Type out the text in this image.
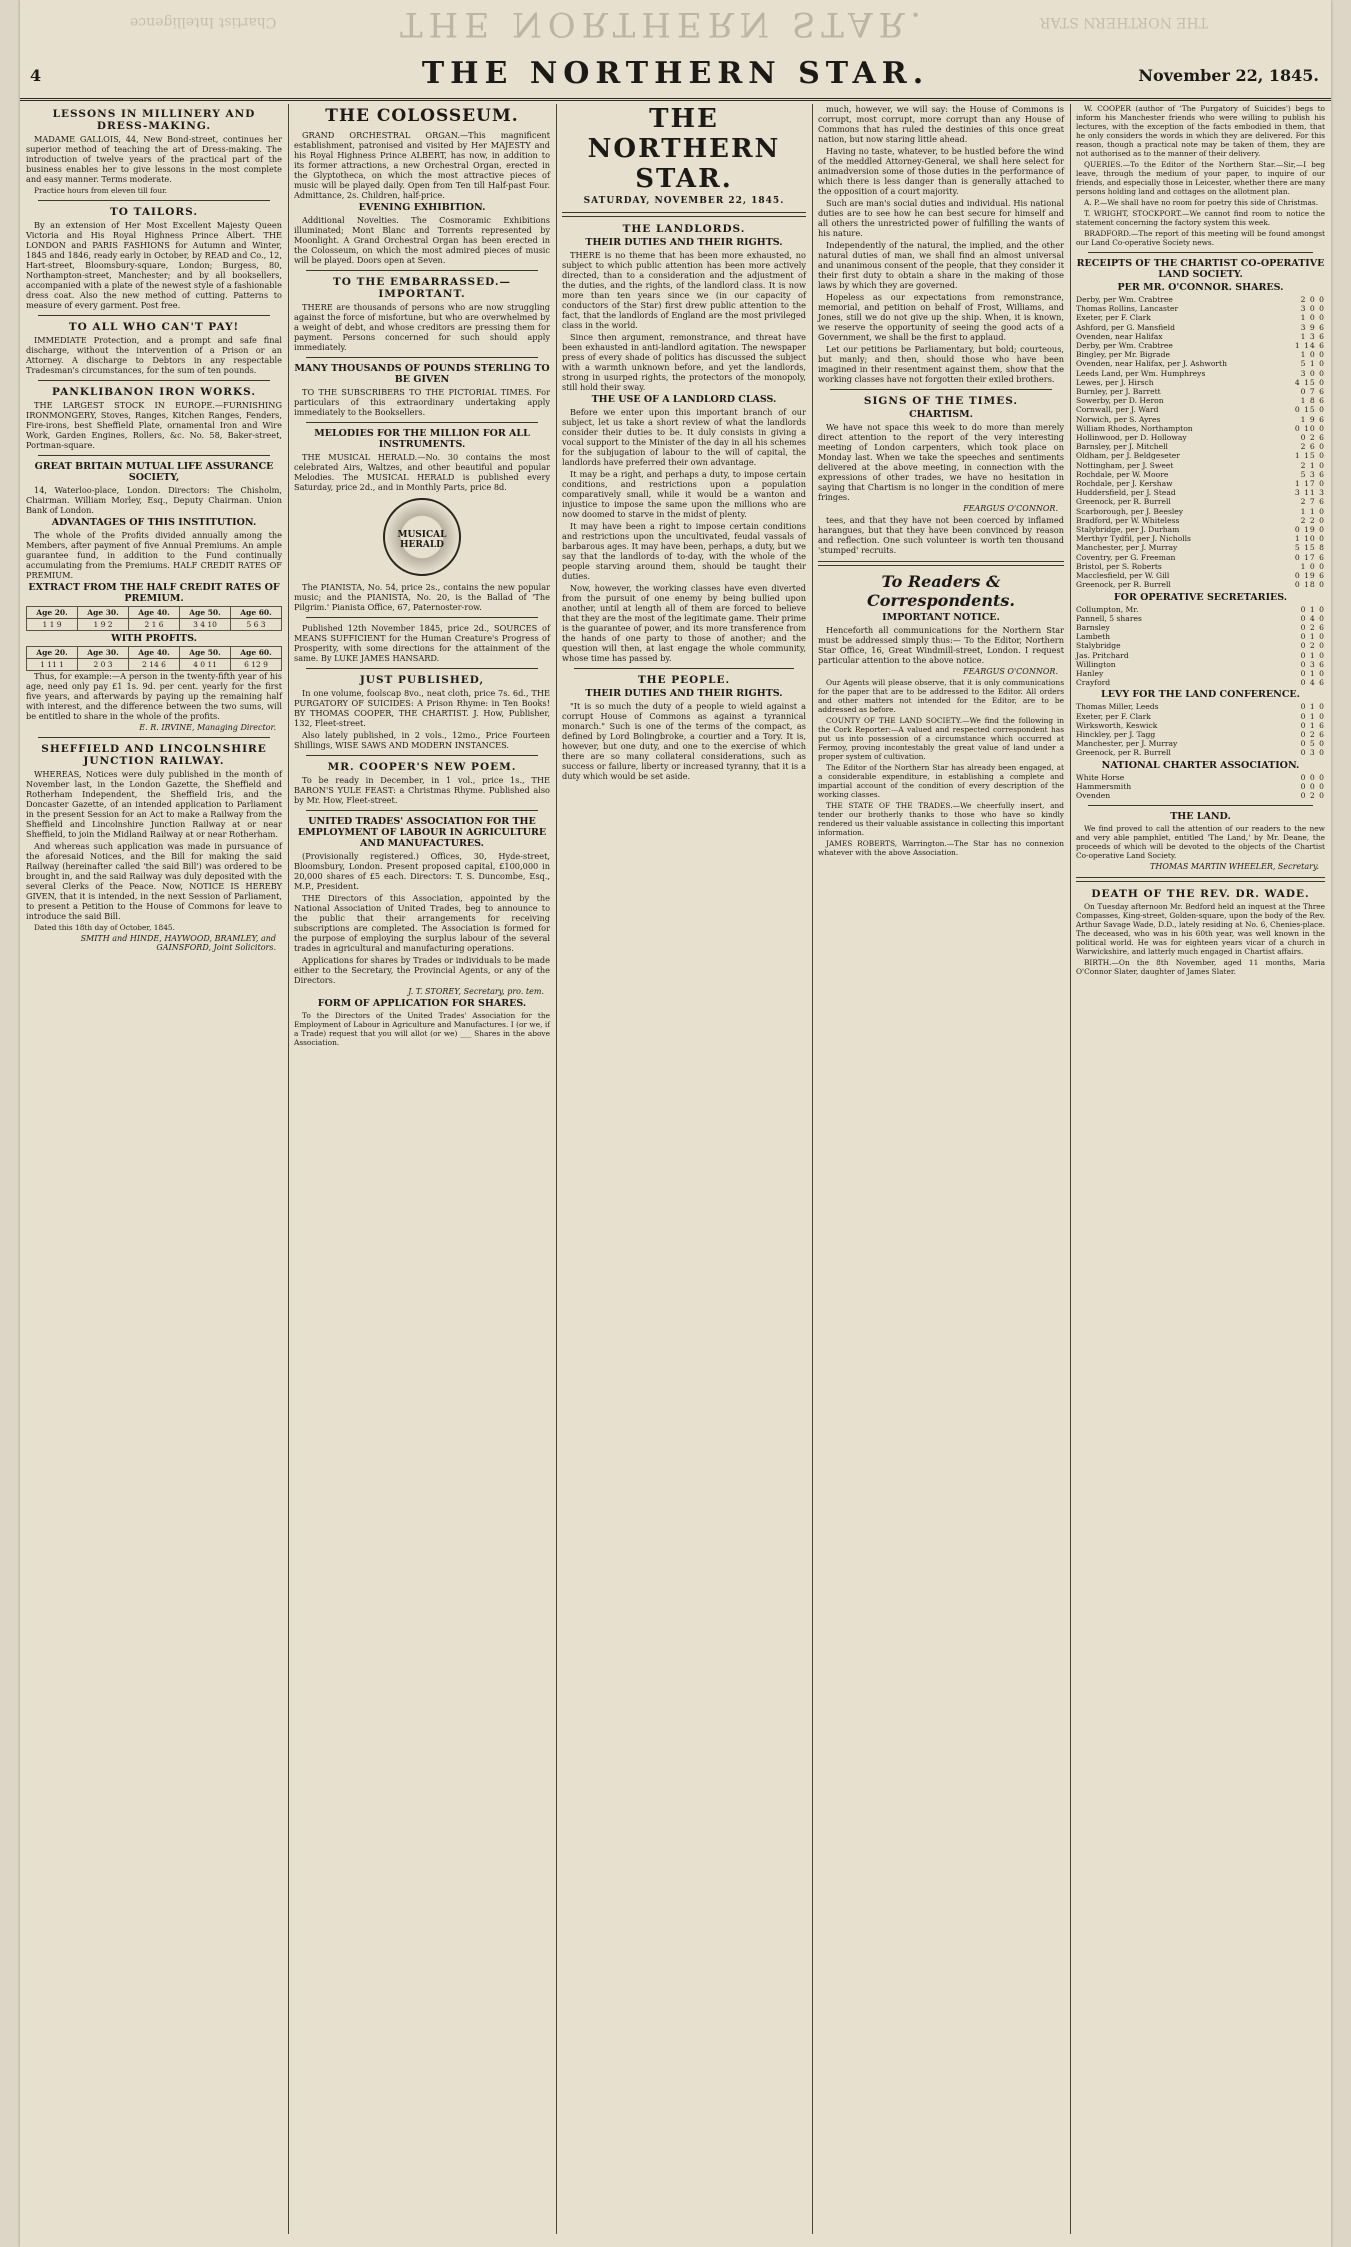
THE NORTHERN STAR.
Chartist Intelligence	THE NORTHERN STAR
4	THE NORTHERN STAR.	November 22, 1845.
LESSONS IN MILLINERY AND DRESS-MAKING.

MADAME GALLOIS, 44, New Bond-street, continues her superior method of teaching the art of Dress-making. The introduction of twelve years of the practical part of the business enables her to give lessons in the most complete and easy manner. Terms moderate.

Practice hours from eleven till four.

TO TAILORS.

By an extension of Her Most Excellent Majesty Queen Victoria and His Royal Highness Prince Albert. THE LONDON and PARIS FASHIONS for Autumn and Winter, 1845 and 1846, ready early in October, by READ and Co., 12, Hart-street, Bloomsbury-square, London; Burgess, 80, Northampton-street, Manchester; and by all booksellers, accompanied with a plate of the newest style of a fashionable dress coat. Also the new method of cutting. Patterns to measure of every garment. Post free.

TO ALL WHO CAN'T PAY!

IMMEDIATE Protection, and a prompt and safe final discharge, without the intervention of a Prison or an Attorney. A discharge to Debtors in any respectable Tradesman's circumstances, for the sum of ten pounds.

PANKLIBANON IRON WORKS.

THE LARGEST STOCK IN EUROPE.—FURNISHING IRONMONGERY, Stoves, Ranges, Kitchen Ranges, Fenders, Fire-irons, best Sheffield Plate, ornamental Iron and Wire Work, Garden Engines, Rollers, &c. No. 58, Baker-street, Portman-square.

GREAT BRITAIN MUTUAL LIFE ASSURANCE SOCIETY,

14, Waterloo-place, London. Directors: The Chisholm, Chairman. William Morley, Esq., Deputy Chairman. Union Bank of London.

ADVANTAGES OF THIS INSTITUTION.

The whole of the Profits divided annually among the Members, after payment of five Annual Premiums. An ample guarantee fund, in addition to the Fund continually accumulating from the Premiums. HALF CREDIT RATES OF PREMIUM.

EXTRACT FROM THE HALF CREDIT RATES OF PREMIUM.
Age 20.	Age 30.	Age 40.	Age 50.	Age 60.
1 1 9	1 9 2	2 1 6	3 4 10	5 6 3
WITH PROFITS.
Age 20.	Age 30.	Age 40.	Age 50.	Age 60.
1 11 1	2 0 3	2 14 6	4 0 11	6 12 9

Thus, for example:—A person in the twenty-fifth year of his age, need only pay £1 1s. 9d. per cent. yearly for the first five years, and afterwards by paying up the remaining half with interest, and the difference between the two sums, will be entitled to share in the whole of the profits.

E. R. IRVINE, Managing Director.
SHEFFIELD AND LINCOLNSHIRE JUNCTION RAILWAY.

WHEREAS, Notices were duly published in the month of November last, in the London Gazette, the Sheffield and Rotherham Independent, the Sheffield Iris, and the Doncaster Gazette, of an intended application to Parliament in the present Session for an Act to make a Railway from the Sheffield and Lincolnshire Junction Railway at or near Sheffield, to join the Midland Railway at or near Rotherham.

And whereas such application was made in pursuance of the aforesaid Notices, and the Bill for making the said Railway (hereinafter called 'the said Bill') was ordered to be brought in, and the said Railway was duly deposited with the several Clerks of the Peace. Now, NOTICE IS HEREBY GIVEN, that it is intended, in the next Session of Parliament, to present a Petition to the House of Commons for leave to introduce the said Bill.

Dated this 18th day of October, 1845.

SMITH and HINDE, HAYWOOD, BRAMLEY, and GAINSFORD, Joint Solicitors.
THE COLOSSEUM.

GRAND ORCHESTRAL ORGAN.—This magnificent establishment, patronised and visited by Her MAJESTY and his Royal Highness Prince ALBERT, has now, in addition to its former attractions, a new Orchestral Organ, erected in the Glyptotheca, on which the most attractive pieces of music will be played daily. Open from Ten till Half-past Four. Admittance, 2s. Children, half-price.

EVENING EXHIBITION.

Additional Novelties. The Cosmoramic Exhibitions illuminated; Mont Blanc and Torrents represented by Moonlight. A Grand Orchestral Organ has been erected in the Colosseum, on which the most admired pieces of music will be played. Doors open at Seven.

TO THE EMBARRASSED.—IMPORTANT.

THERE are thousands of persons who are now struggling against the force of misfortune, but who are overwhelmed by a weight of debt, and whose creditors are pressing them for payment. Persons concerned for such should apply immediately.

MANY THOUSANDS OF POUNDS STERLING TO BE GIVEN

TO THE SUBSCRIBERS TO THE PICTORIAL TIMES. For particulars of this extraordinary undertaking apply immediately to the Booksellers.

MELODIES FOR THE MILLION FOR ALL INSTRUMENTS.

THE MUSICAL HERALD.—No. 30 contains the most celebrated Airs, Waltzes, and other beautiful and popular Melodies. The MUSICAL HERALD is published every Saturday, price 2d., and in Monthly Parts, price 8d.

MUSICAL HERALD

The PIANISTA, No. 54, price 2s., contains the new popular music; and the PIANISTA, No. 20, is the Ballad of 'The Pilgrim.' Pianista Office, 67, Paternoster-row.

Published 12th November 1845, price 2d., SOURCES of MEANS SUFFICIENT for the Human Creature's Progress of Prosperity, with some directions for the attainment of the same. By LUKE JAMES HANSARD.

JUST PUBLISHED,

In one volume, foolscap 8vo., neat cloth, price 7s. 6d., THE PURGATORY OF SUICIDES: A Prison Rhyme: in Ten Books! BY THOMAS COOPER, THE CHARTIST. J. How, Publisher, 132, Fleet-street.

Also lately published, in 2 vols., 12mo., Price Fourteen Shillings, WISE SAWS AND MODERN INSTANCES.

MR. COOPER'S NEW POEM.

To be ready in December, in 1 vol., price 1s., THE BARON'S YULE FEAST: a Christmas Rhyme. Published also by Mr. How, Fleet-street.

UNITED TRADES' ASSOCIATION FOR THE EMPLOYMENT OF LABOUR IN AGRICULTURE AND MANUFACTURES.

(Provisionally registered.) Offices, 30, Hyde-street, Bloomsbury, London. Present proposed capital, £100,000 in 20,000 shares of £5 each. Directors: T. S. Duncombe, Esq., M.P., President.

THE Directors of this Association, appointed by the National Association of United Trades, beg to announce to the public that their arrangements for receiving subscriptions are completed. The Association is formed for the purpose of employing the surplus labour of the several trades in agricultural and manufacturing operations.

Applications for shares by Trades or individuals to be made either to the Secretary, the Provincial Agents, or any of the Directors.

J. T. STOREY, Secretary, pro. tem.
FORM OF APPLICATION FOR SHARES.

To the Directors of the United Trades' Association for the Employment of Labour in Agriculture and Manufactures. I (or we, if a Trade) request that you will allot (or we) ___ Shares in the above Association.

THE NORTHERN STAR.
SATURDAY, NOVEMBER 22, 1845.
THE LANDLORDS.
THEIR DUTIES AND THEIR RIGHTS.

THERE is no theme that has been more exhausted, no subject to which public attention has been more actively directed, than to a consideration and the adjustment of the duties, and the rights, of the landlord class. It is now more than ten years since we (in our capacity of conductors of the Star) first drew public attention to the fact, that the landlords of England are the most privileged class in the world.

Since then argument, remonstrance, and threat have been exhausted in anti-landlord agitation. The newspaper press of every shade of politics has discussed the subject with a warmth unknown before, and yet the landlords, strong in usurped rights, the protectors of the monopoly, still hold their sway.

THE USE OF A LANDLORD CLASS.

Before we enter upon this important branch of our subject, let us take a short review of what the landlords consider their duties to be. It duly consists in giving a vocal support to the Minister of the day in all his schemes for the subjugation of labour to the will of capital, the landlords have preferred their own advantage.

It may be a right, and perhaps a duty, to impose certain conditions, and restrictions upon a population comparatively small, while it would be a wanton and injustice to impose the same upon the millions who are now doomed to starve in the midst of plenty.

It may have been a right to impose certain conditions and restrictions upon the uncultivated, feudal vassals of barbarous ages. It may have been, perhaps, a duty, but we say that the landlords of to-day, with the whole of the people starving around them, should be taught their duties.

Now, however, the working classes have even diverted from the pursuit of one enemy by being bullied upon another, until at length all of them are forced to believe that they are the most of the legitimate game. Their prime is the guarantee of power, and its more transference from the hands of one party to those of another; and the question will then, at last engage the whole community, whose time has passed by.

THE PEOPLE.
THEIR DUTIES AND THEIR RIGHTS.

"It is so much the duty of a people to wield against a corrupt House of Commons as against a tyrannical monarch." Such is one of the terms of the compact, as defined by Lord Bolingbroke, a courtier and a Tory. It is, however, but one duty, and one to the exercise of which there are so many collateral considerations, such as success or failure, liberty or increased tyranny, that it is a duty which would be set aside.

much, however, we will say: the House of Commons is corrupt, most corrupt, more corrupt than any House of Commons that has ruled the destinies of this once great nation, but now staring little ahead.

Having no taste, whatever, to be hustled before the wind of the meddled Attorney-General, we shall here select for animadversion some of those duties in the performance of which there is less danger than is generally attached to the opposition of a court majority.

Such are man's social duties and individual. His national duties are to see how he can best secure for himself and all others the unrestricted power of fulfilling the wants of his nature.

Independently of the natural, the implied, and the other natural duties of man, we shall find an almost universal and unanimous consent of the people, that they consider it their first duty to obtain a share in the making of those laws by which they are governed.

Hopeless as our expectations from remonstrance, memorial, and petition on behalf of Frost, Williams, and Jones, still we do not give up the ship. When, it is known, we reserve the opportunity of seeing the good acts of a Government, we shall be the first to applaud.

Let our petitions be Parliamentary, but bold; courteous, but manly; and then, should those who have been imagined in their resentment against them, show that the working classes have not forgotten their exiled brothers.

SIGNS OF THE TIMES.
CHARTISM.

We have not space this week to do more than merely direct attention to the report of the very interesting meeting of London carpenters, which took place on Monday last. When we take the speeches and sentiments delivered at the above meeting, in connection with the expressions of other trades, we have no hesitation in saying that Chartism is no longer in the condition of mere fringes.

FEARGUS O'CONNOR.

tees, and that they have not been coerced by inflamed harangues, but that they have been convinced by reason and reflection. One such volunteer is worth ten thousand 'stumped' recruits.

To Readers & Correspondents.
IMPORTANT NOTICE.

Henceforth all communications for the Northern Star must be addressed simply thus:— To the Editor, Northern Star Office, 16, Great Windmill-street, London. I request particular attention to the above notice.

FEARGUS O'CONNOR.

Our Agents will please observe, that it is only communications for the paper that are to be addressed to the Editor. All orders and other matters not intended for the Editor, are to be addressed as before.

COUNTY OF THE LAND SOCIETY.—We find the following in the Cork Reporter:—A valued and respected correspondent has put us into possession of a circumstance which occurred at Fermoy, proving incontestably the great value of land under a proper system of cultivation.

The Editor of the Northern Star has already been engaged, at a considerable expenditure, in establishing a complete and impartial account of the condition of every description of the working classes.

THE STATE OF THE TRADES.—We cheerfully insert, and tender our brotherly thanks to those who have so kindly rendered us their valuable assistance in collecting this important information.

JAMES ROBERTS, Warrington.—The Star has no connexion whatever with the above Association.

W. COOPER (author of 'The Purgatory of Suicides') begs to inform his Manchester friends who were willing to publish his lectures, with the exception of the facts embodied in them, that he only considers the words in which they are delivered. For this reason, though a practical note may be taken of them, they are not authorised as to the manner of their delivery.

QUERIES.—To the Editor of the Northern Star.—Sir,—I beg leave, through the medium of your paper, to inquire of our friends, and especially those in Leicester, whether there are many persons holding land and cottages on the allotment plan.

A. P.—We shall have no room for poetry this side of Christmas.

T. WRIGHT, STOCKPORT.—We cannot find room to notice the statement concerning the factory system this week.

BRADFORD.—The report of this meeting will be found amongst our Land Co-operative Society news.

RECEIPTS OF THE CHARTIST CO-OPERATIVE LAND SOCIETY.
PER MR. O'CONNOR. SHARES.
Derby, per Wm. Crabtree	2 0 0
Thomas Rollins, Lancaster	3 0 0
Exeter, per F. Clark	1 0 0
Ashford, per G. Mansfield	3 9 6
Ovenden, near Halifax	1 3 6
Derby, per Wm. Crabtree	1 14 6
Bingley, per Mr. Bigrade	1 0 0
Ovenden, near Halifax, per J. Ashworth	5 1 0
Leeds Land, per Wm. Humphreys	3 0 0
Lewes, per J. Hirsch	4 15 0
Burnley, per J. Barrett	0 7 6
Sowerby, per D. Heron	1 8 6
Cornwall, per J. Ward	0 15 0
Norwich, per S. Ayres	1 9 6
William Rhodes, Northampton	0 10 0
Hollinwood, per D. Holloway	0 2 6
Barnsley, per J. Mitchell	2 6 0
Oldham, per J. Beldgeseter	1 15 0
Nottingham, per J. Sweet	2 1 0
Rochdale, per W. Moore	5 3 6
Rochdale, per J. Kershaw	1 17 0
Huddersfield, per J. Stead	3 11 3
Greenock, per R. Burrell	2 7 6
Scarborough, per J. Beesley	1 1 0
Bradford, per W. Whiteless	2 2 0
Stalybridge, per J. Durham	0 19 0
Merthyr Tydfil, per J. Nicholls	1 10 0
Manchester, per J. Murray	5 15 8
Coventry, per G. Freeman	0 17 6
Bristol, per S. Roberts	1 0 0
Macclesfield, per W. Gill	0 19 6
Greenock, per R. Burrell	0 18 0
FOR OPERATIVE SECRETARIES.
Collumpton, Mr.	0 1 0
Pannell, 5 shares	0 4 0
Barnsley	0 2 6
Lambeth	0 1 0
Stalybridge	0 2 0
Jas. Pritchard	0 1 0
Willington	0 3 6
Hanley	0 1 0
Crayford	0 4 6
LEVY FOR THE LAND CONFERENCE.
Thomas Miller, Leeds	0 1 0
Exeter, per F. Clark	0 1 0
Wirksworth, Keswick	0 1 6
Hinckley, per J. Tagg	0 2 6
Manchester, per J. Murray	0 5 0
Greenock, per R. Burrell	0 3 0
NATIONAL CHARTER ASSOCIATION.
White Horse	0 0 0
Hammersmith	0 0 0
Ovenden	0 2 0
THE LAND.

We find proved to call the attention of our readers to the new and very able pamphlet, entitled 'The Land,' by Mr. Deane, the proceeds of which will be devoted to the objects of the Chartist Co-operative Land Society.

THOMAS MARTIN WHEELER, Secretary.
DEATH OF THE REV. DR. WADE.

On Tuesday afternoon Mr. Bedford held an inquest at the Three Compasses, King-street, Golden-square, upon the body of the Rev. Arthur Savage Wade, D.D., lately residing at No. 6, Chenies-place. The deceased, who was in his 60th year, was well known in the political world. He was for eighteen years vicar of a church in Warwickshire, and latterly much engaged in Chartist affairs.

BIRTH.—On the 8th November, aged 11 months, Maria O'Connor Slater, daughter of James Slater.
